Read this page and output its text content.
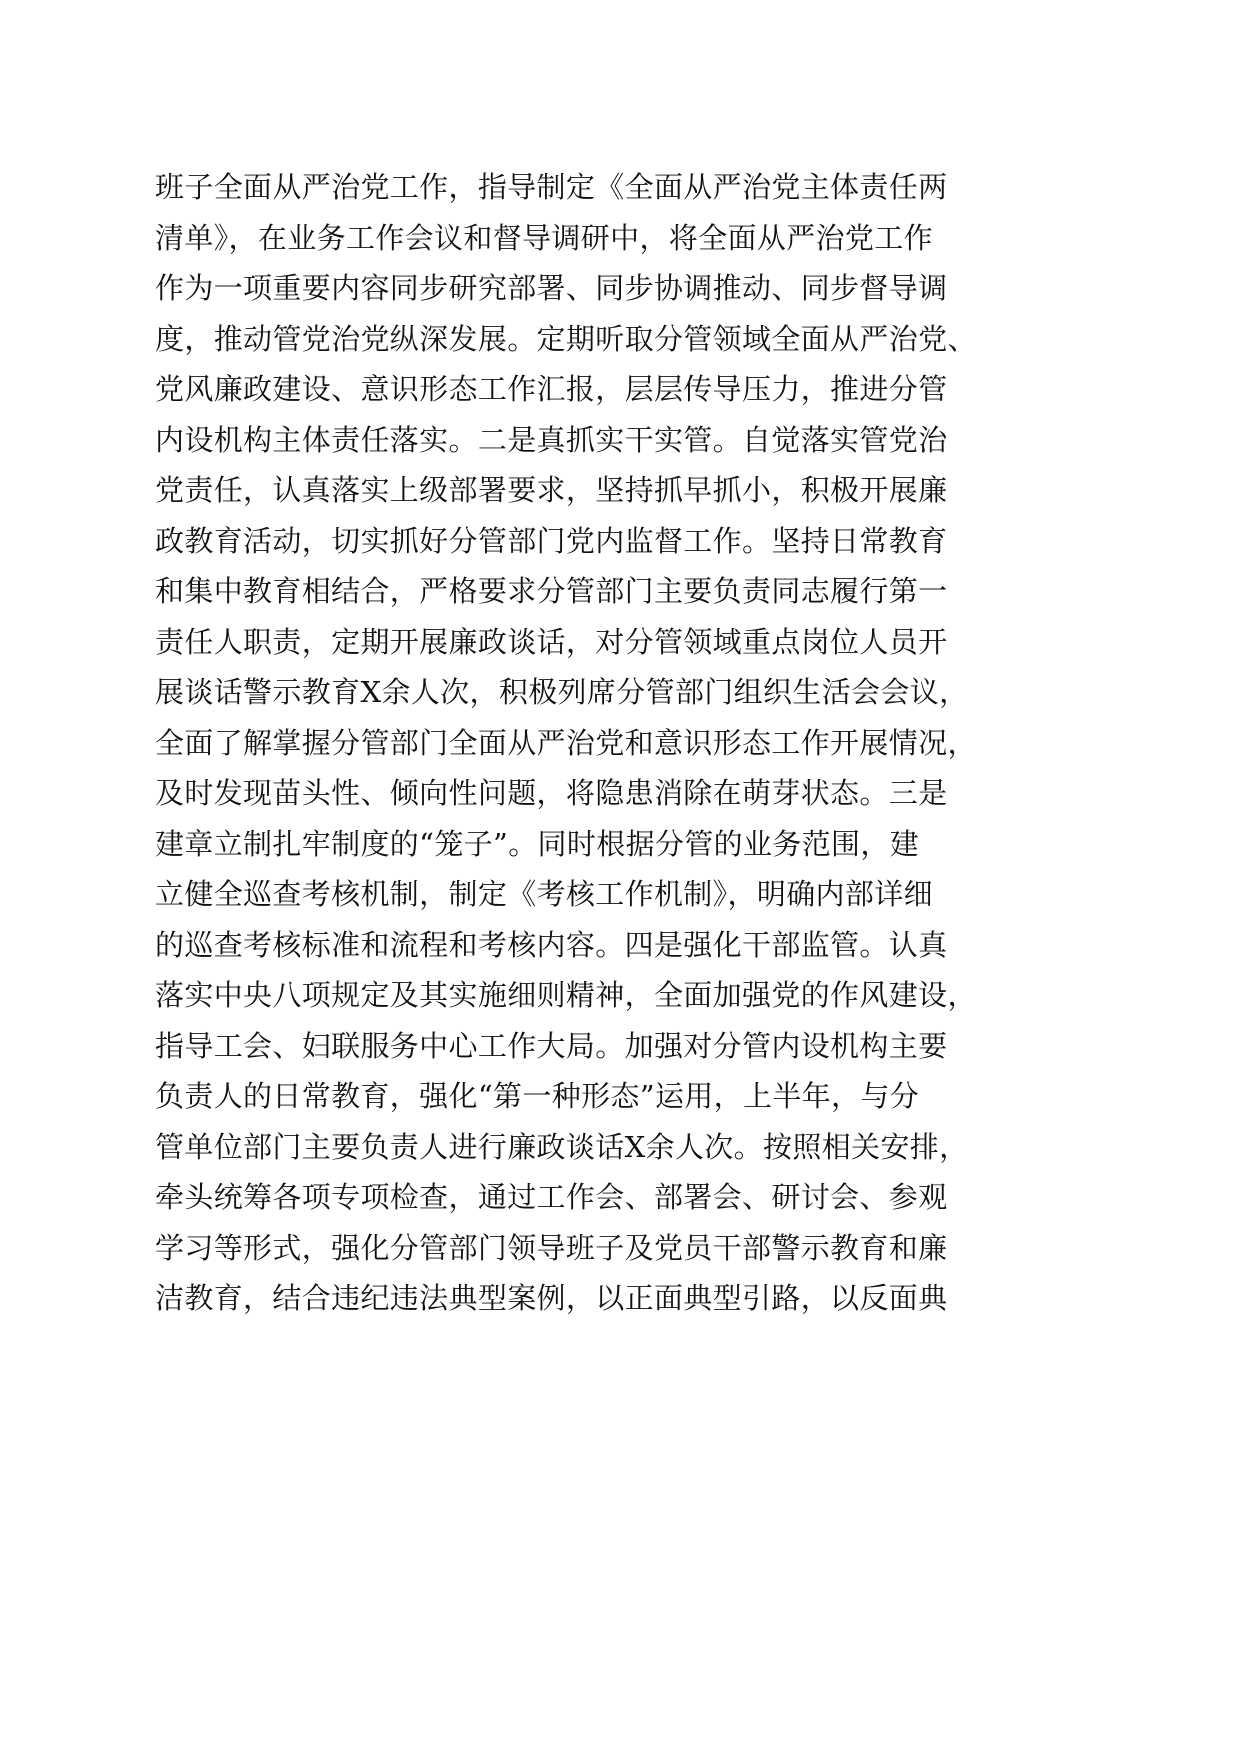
班子全面从严治党工作，指导制定《全面从严治党主体责任两
清单》，在业务工作会议和督导调研中，将全面从严治党工作
作为一项重要内容同步研究部署、同步协调推动、同步督导调
度，推动管党治党纵深发展。定期听取分管领域全面从严治党、
党风廉政建设、意识形态工作汇报，层层传导压力，推进分管
内设机构主体责任落实。二是真抓实干实管。自觉落实管党治
党责任，认真落实上级部署要求，坚持抓早抓小，积极开展廉
政教育活动，切实抓好分管部门党内监督工作。坚持日常教育
和集中教育相结合，严格要求分管部门主要负责同志履行第一
责任人职责，定期开展廉政谈话，对分管领域重点岗位人员开
展谈话警示教育X余人次，积极列席分管部门组织生活会会议，
全面了解掌握分管部门全面从严治党和意识形态工作开展情况，
及时发现苗头性、倾向性问题，将隐患消除在萌芽状态。三是
建章立制扎牢制度的“笼子”。同时根据分管的业务范围，建
立健全巡查考核机制，制定《考核工作机制》，明确内部详细
的巡查考核标准和流程和考核内容。四是强化干部监管。认真
落实中央八项规定及其实施细则精神，全面加强党的作风建设，
指导工会、妇联服务中心工作大局。加强对分管内设机构主要
负责人的日常教育，强化“第一种形态”运用，上半年，与分
管单位部门主要负责人进行廉政谈话X余人次。按照相关安排，
牵头统筹各项专项检查，通过工作会、部署会、研讨会、参观
学习等形式，强化分管部门领导班子及党员干部警示教育和廉
洁教育，结合违纪违法典型案例，以正面典型引路，以反面典
